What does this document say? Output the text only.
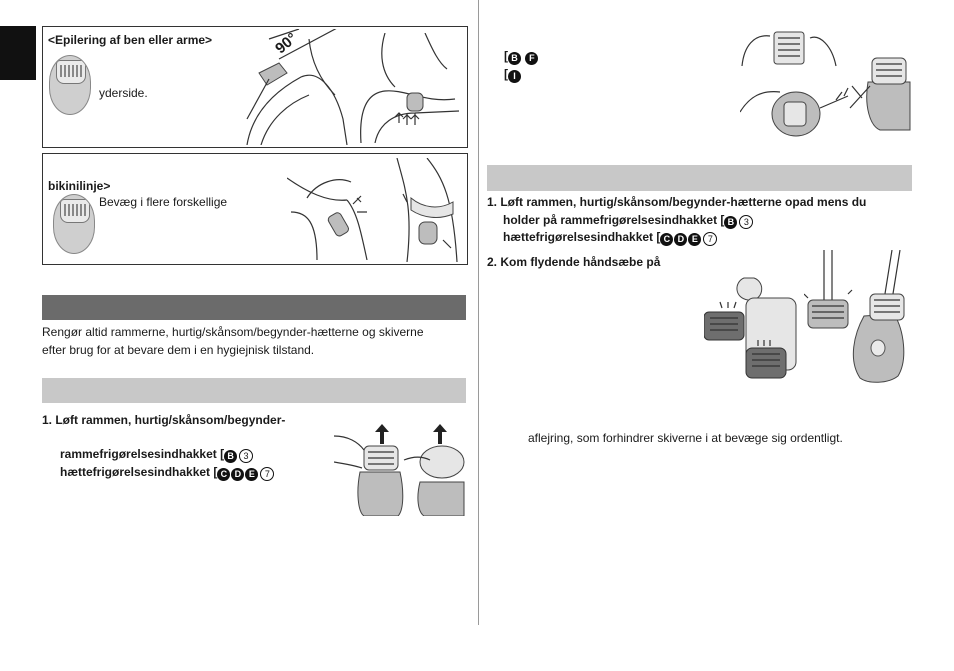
<Epilering af ben eller arme>
yderside.
90°
bikinilinje>
Bevæg i flere forskellige
Rengør altid rammerne, hurtig/skånsom/begynder-hætterne og skiverne
efter brug for at bevare dem i en hygiejnisk tilstand.
1. Løft rammen, hurtig/skånsom/begynder-
rammefrigørelsesindhakket [ B 3
hættefrigørelsesindhakket [ C D E 7
[ B F
[ I
1. Løft rammen, hurtig/skånsom/begynder-hætterne opad mens du
holder på rammefrigørelsesindhakket [ B 3
hættefrigørelsesindhakket [ C D E 7
2. Kom flydende håndsæbe på
aflejring, som forhindrer skiverne i at bevæge sig ordentligt.
